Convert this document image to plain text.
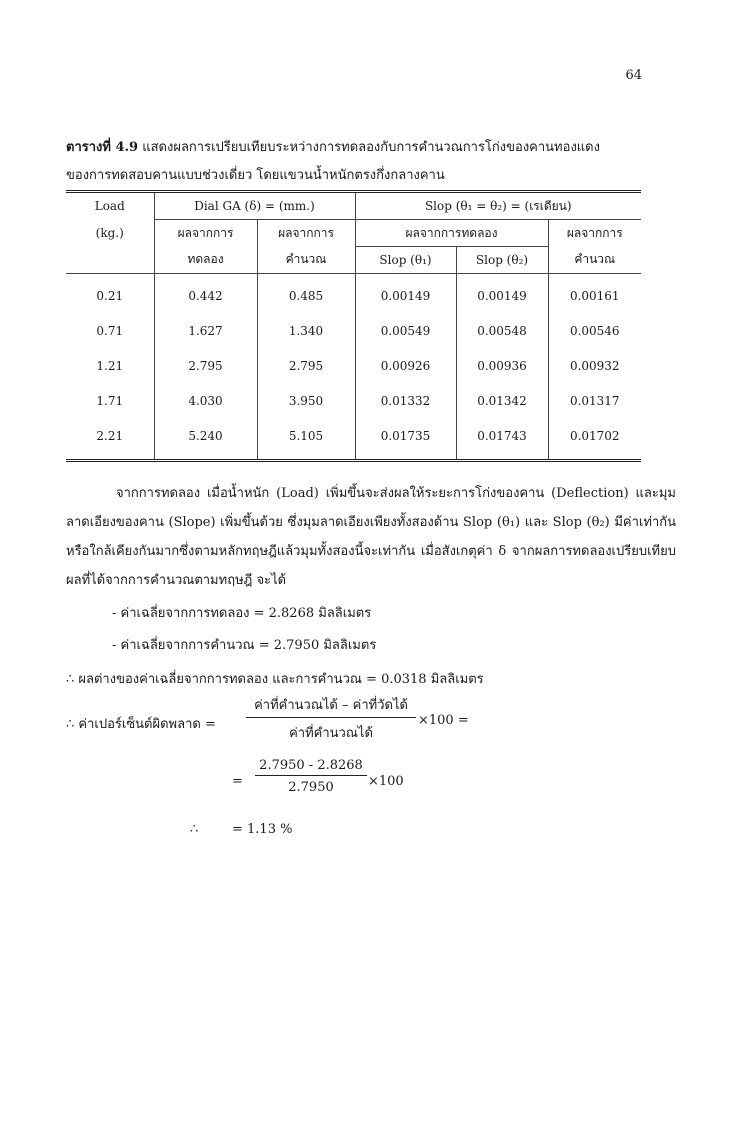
64
ตารางที่ 4.9 แสดงผลการเปรียบเทียบระหว่างการทดลองกับการคำนวณการโก่งของคานทองแดง
ของการทดสอบคานแบบช่วงเดี่ยว โดยแขวนน้ำหนักตรงกึ่งกลางคาน
Load	Dial GA (δ) = (mm.)		Slop (θ₁ = θ₂) = (เรเดียน)		
(kg.)	ผลจากการ	ผลจากการ	ผลจากการทดลอง		ผลจากการ
	ทดลอง	คำนวณ	Slop (θ₁)	Slop (θ₂)	คำนวณ
0.21	0.442	0.485	0.00149	0.00149	0.00161
0.71	1.627	1.340	0.00549	0.00548	0.00546
1.21	2.795	2.795	0.00926	0.00936	0.00932
1.71	4.030	3.950	0.01332	0.01342	0.01317
2.21	5.240	5.105	0.01735	0.01743	0.01702

จากการทดลอง เมื่อน้ำหนัก (Load) เพิ่มขึ้นจะส่งผลให้ระยะการโก่งของคาน (Deflection) และมุมลาดเอียงของคาน (Slope) เพิ่มขึ้นด้วย ซึ่งมุมลาดเอียงเพียงทั้งสองด้าน Slop (θ₁) และ Slop (θ₂) มีค่าเท่ากันหรือใกล้เคียงกันมากซึ่งตามหลักทฤษฎีแล้วมุมทั้งสองนี้จะเท่ากัน เมื่อสังเกตุค่า δ จากผลการทดลองเปรียบเทียบผลที่ได้จากการคำนวณตามทฤษฎี จะได้

- ค่าเฉลี่ยจากการทดลอง = 2.8268 มิลลิเมตร
- ค่าเฉลี่ยจากการคำนวณ = 2.7950 มิลลิเมตร
∴ ผลต่างของค่าเฉลี่ยจากการทดลอง และการคำนวณ = 0.0318 มิลลิเมตร
∴ ค่าเปอร์เซ็นต์ผิดพลาด =
ค่าที่คำนวณได้ – ค่าที่วัดได้
ค่าที่คำนวณได้
×100 =
=
2.7950 - 2.8268
2.7950	×100
∴	= 1.13 %
